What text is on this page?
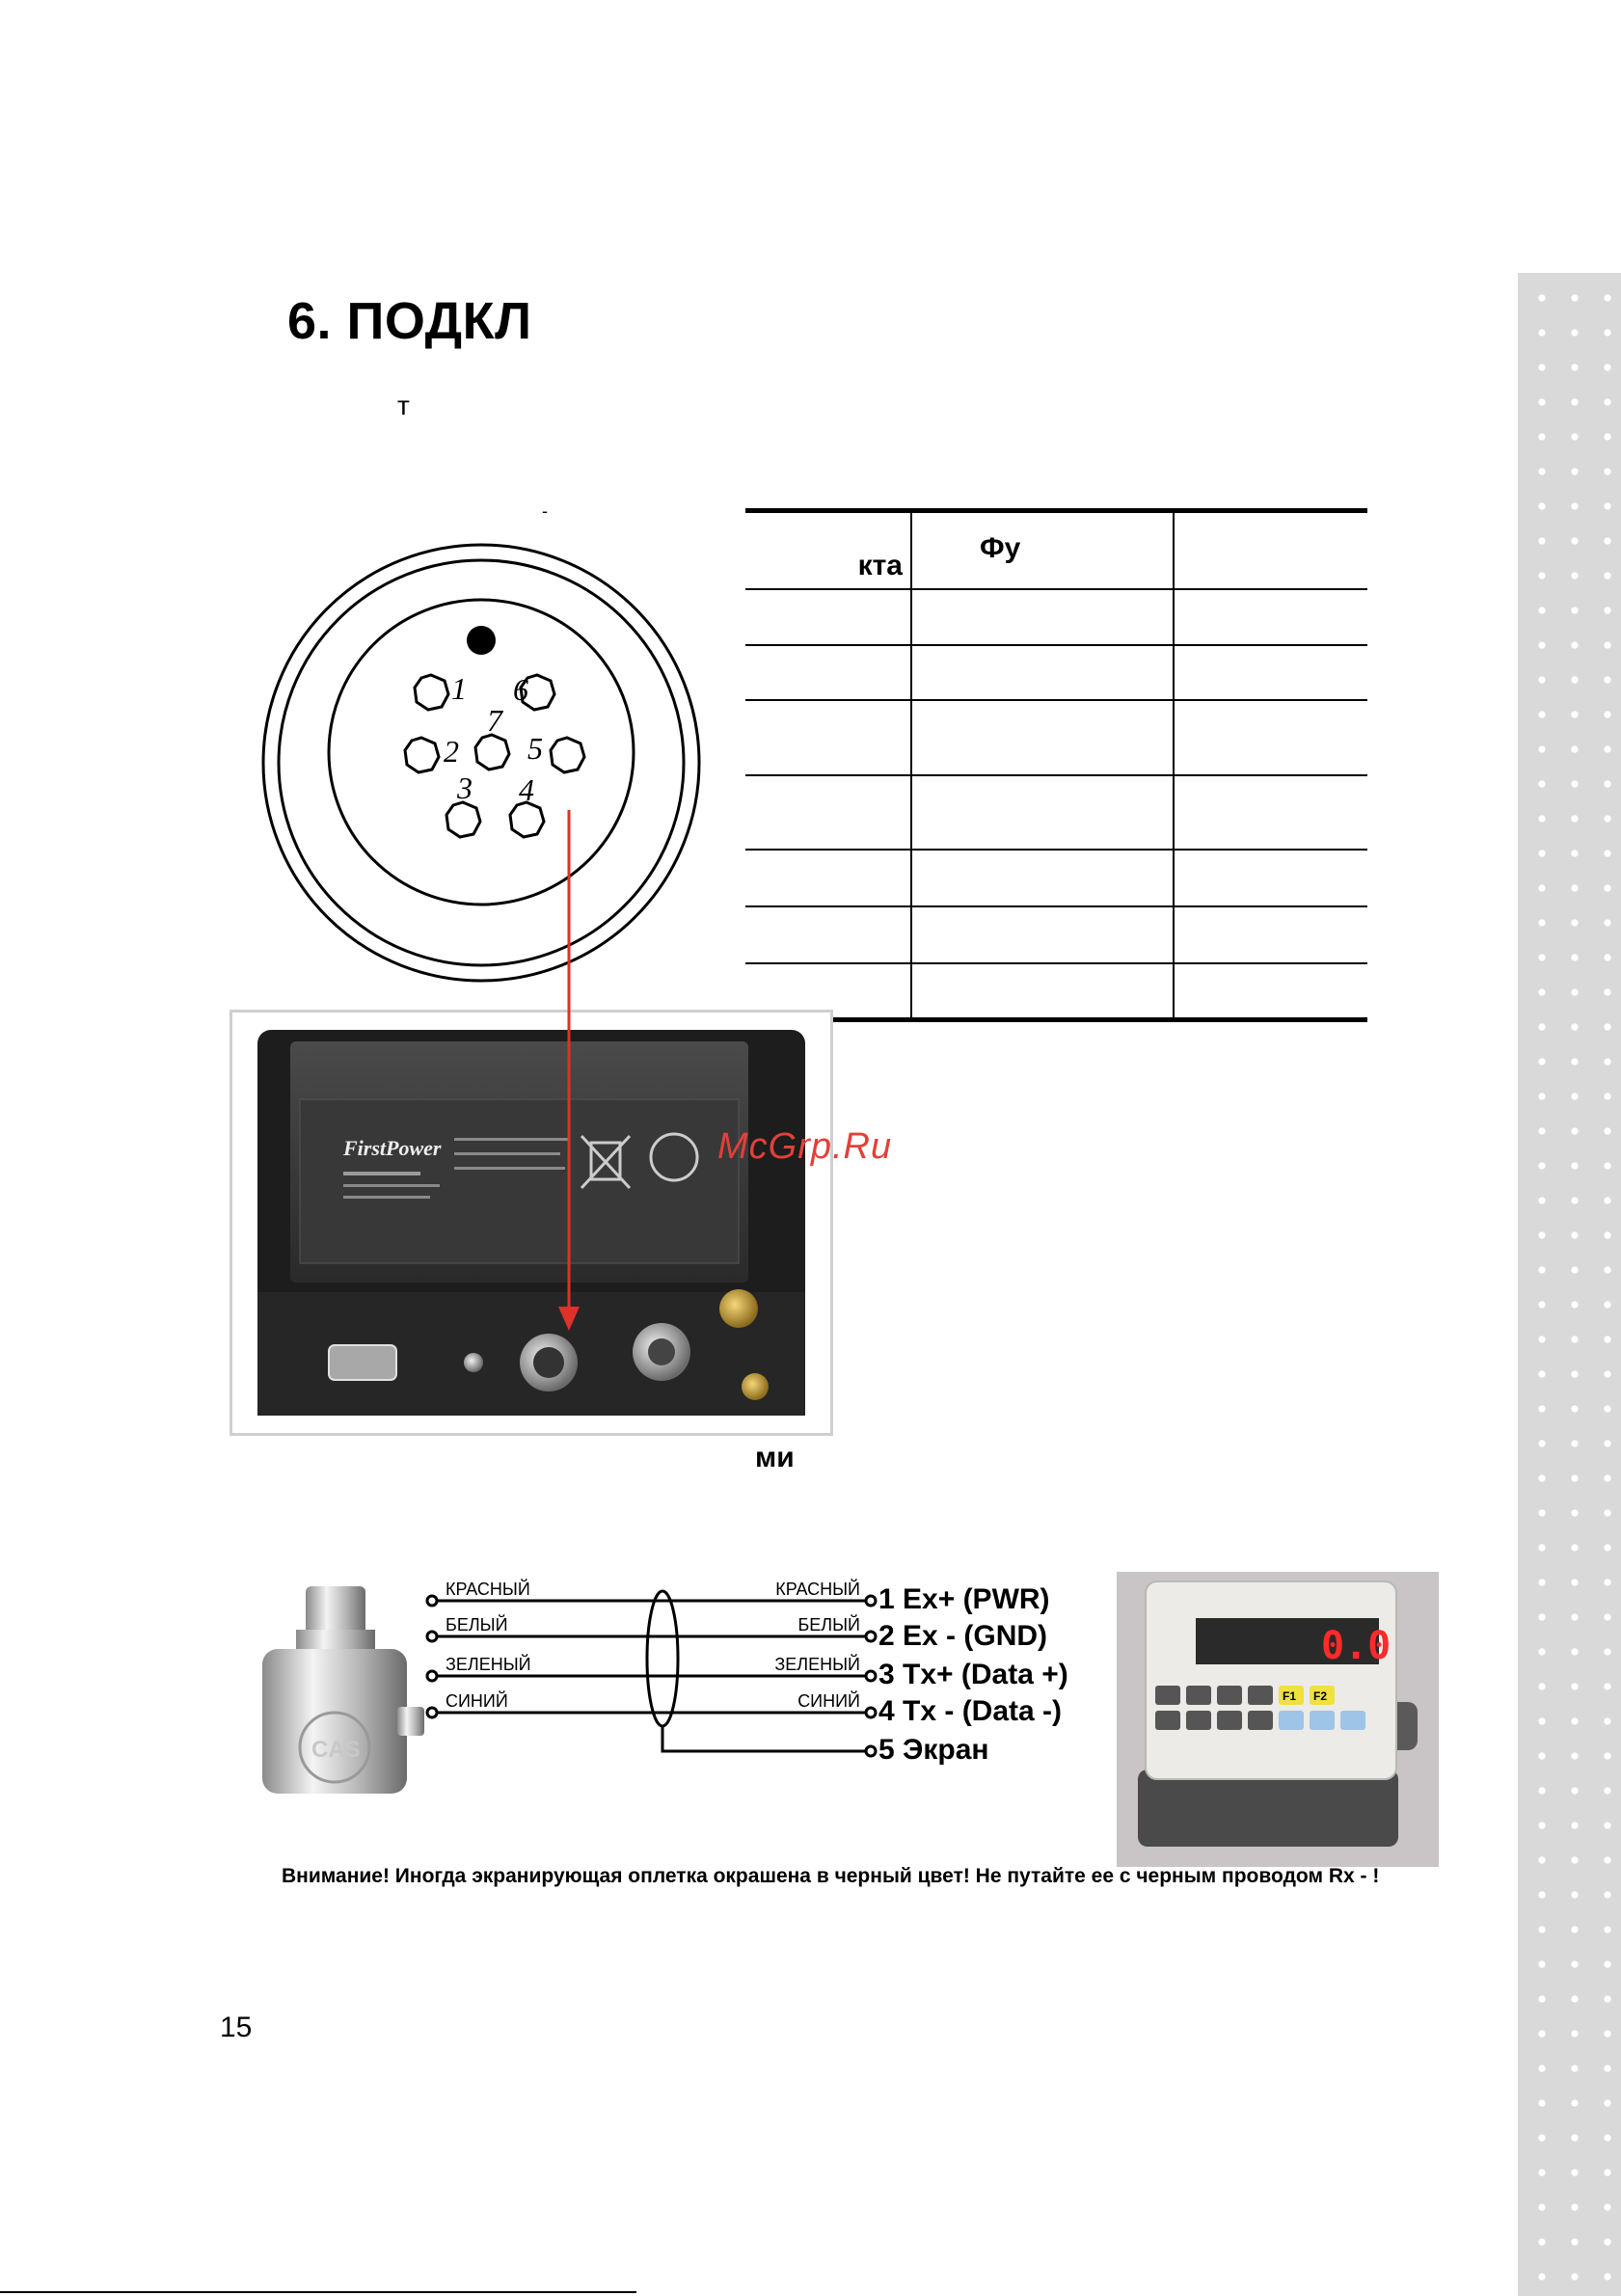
6. ПОДКЛ
т
-
1 6
2
7
5
3 4
кта	Фу	

FirstPower	McGrp.Ru
ми
CAS
КРАСНЫЙ
БЕЛЫЙ
ЗЕЛЕНЫЙ
СИНИЙ
КРАСНЫЙ
БЕЛЫЙ
ЗЕЛЕНЫЙ
СИНИЙ
1 Ex+ (PWR)
2 Ex - (GND)
3 Tx+ (Data +)
4 Tx - (Data -)
5 Экран
0.0
F1 F2
Внимание! Иногда экранирующая оплетка окрашена в черный цвет! Не путайте ее с черным проводом Rx - !
15
